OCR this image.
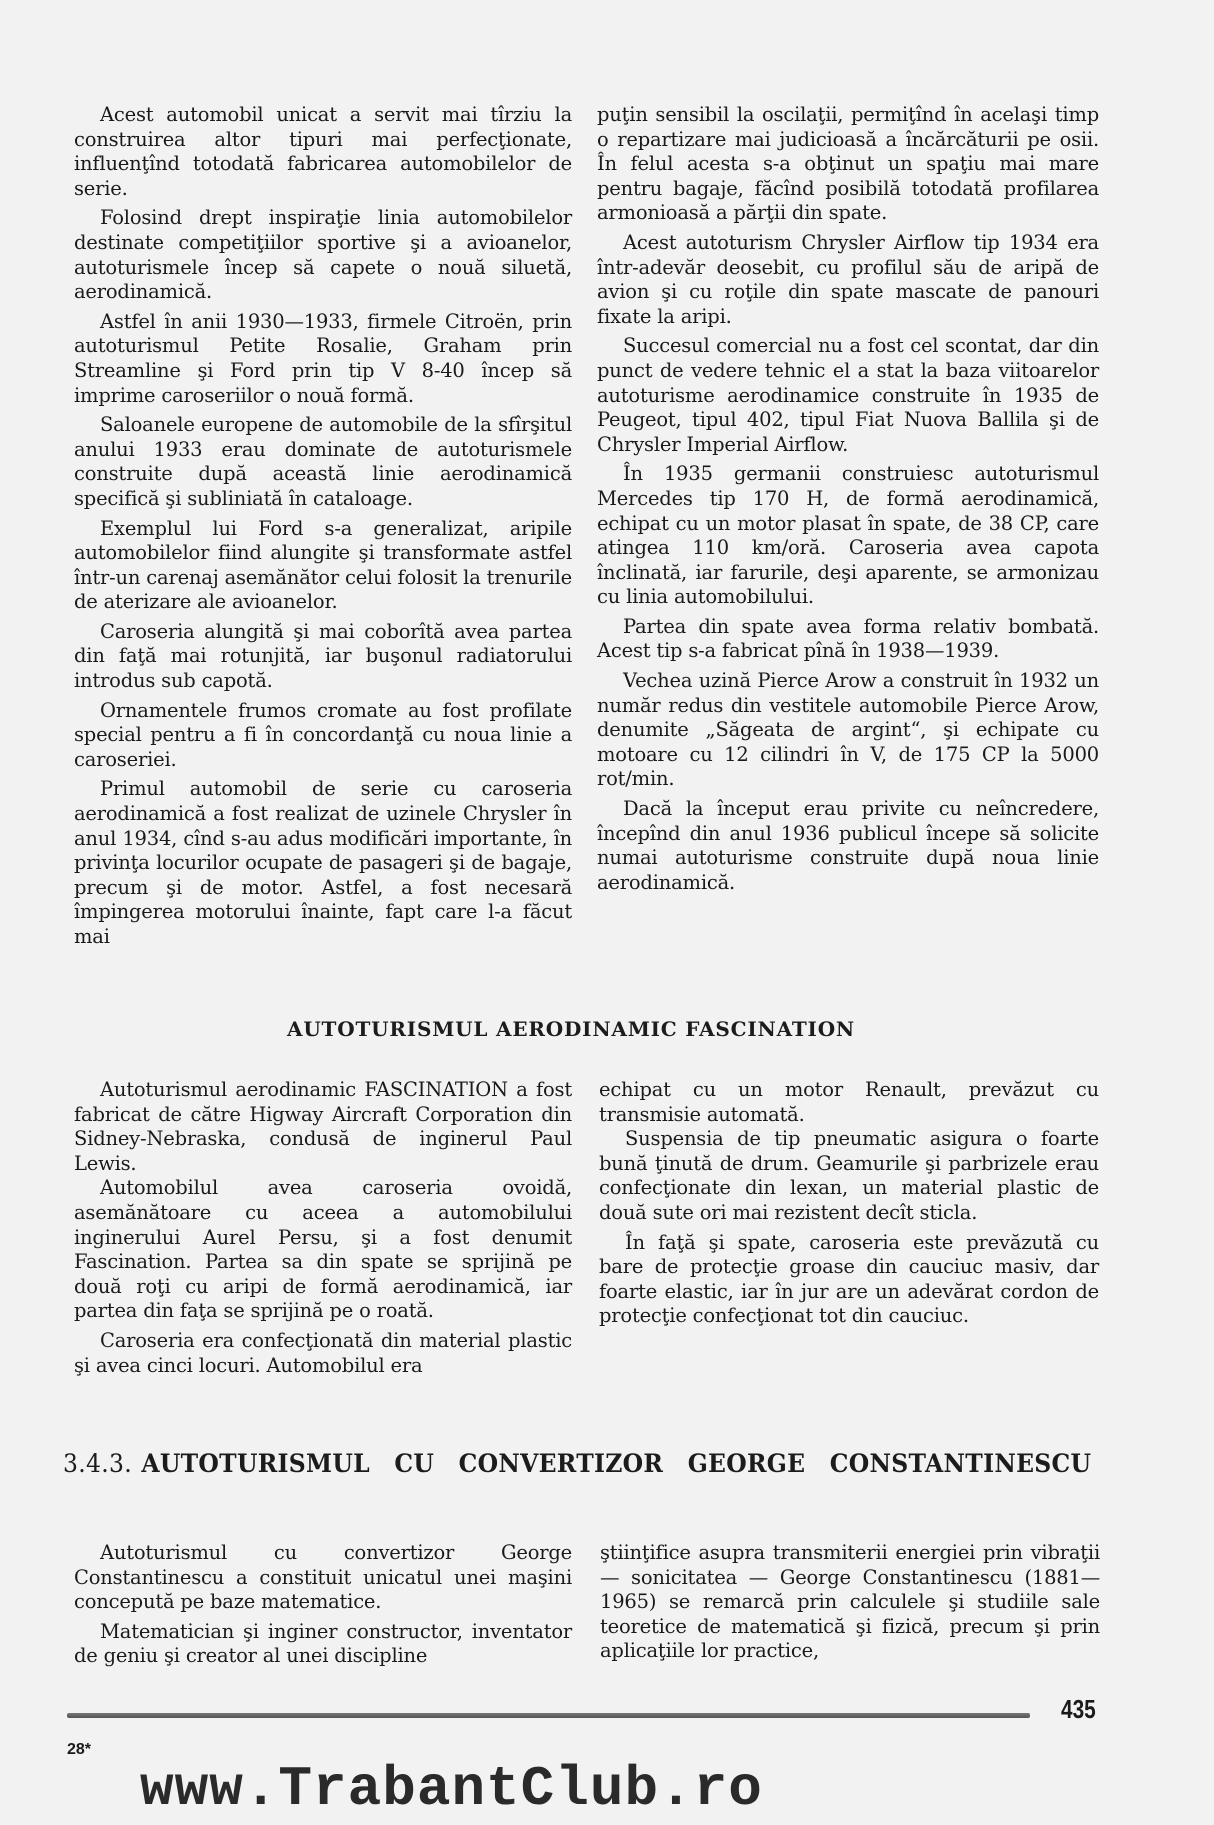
Acest automobil unicat a servit mai tîrziu la construirea altor tipuri mai perfecţionate, influenţînd totodată fabricarea automobilelor de serie.

Folosind drept inspiraţie linia automobilelor destinate competiţiilor sportive şi a avioanelor, autoturismele încep să capete o nouă siluetă, aerodinamică.

Astfel în anii 1930—1933, firmele Citroën, prin autoturismul Petite Rosalie, Graham prin Streamline şi Ford prin tip V 8-40 încep să imprime caroseriilor o nouă formă.

Saloanele europene de automobile de la sfîrşitul anului 1933 erau dominate de autoturismele construite după această linie aerodinamică specifică şi subliniată în cataloage.

Exemplul lui Ford s-a generalizat, aripile automobilelor fiind alungite şi transformate astfel într-un carenaj asemănător celui folosit la trenurile de aterizare ale avioanelor.

Caroseria alungită şi mai coborîtă avea partea din faţă mai rotunjită, iar buşonul radiatorului introdus sub capotă.

Ornamentele frumos cromate au fost profilate special pentru a fi în concordanţă cu noua linie a caroseriei.

Primul automobil de serie cu caroseria aerodinamică a fost realizat de uzinele Chrysler în anul 1934, cînd s-au adus modificări importante, în privinţa locurilor ocupate de pasageri şi de bagaje, precum şi de motor. Astfel, a fost necesară împingerea motorului înainte, fapt care l-a făcut mai

puţin sensibil la oscilaţii, permiţînd în acelaşi timp o repartizare mai judicioasă a încărcăturii pe osii. În felul acesta s-a obţinut un spaţiu mai mare pentru bagaje, făcînd posibilă totodată profilarea armonioasă a părţii din spate.

Acest autoturism Chrysler Airflow tip 1934 era într-adevăr deosebit, cu profilul său de aripă de avion şi cu roţile din spate mascate de panouri fixate la aripi.

Succesul comercial nu a fost cel scontat, dar din punct de vedere tehnic el a stat la baza viitoarelor autoturisme aerodinamice construite în 1935 de Peugeot, tipul 402, tipul Fiat Nuova Ballila şi de Chrysler Imperial Airflow.

În 1935 germanii construiesc autoturismul Mercedes tip 170 H, de formă aerodinamică, echipat cu un motor plasat în spate, de 38 CP, care atingea 110 km/oră. Caroseria avea capota înclinată, iar farurile, deşi aparente, se armonizau cu linia automobilului.

Partea din spate avea forma relativ bombată. Acest tip s-a fabricat pînă în 1938—1939.

Vechea uzină Pierce Arow a construit în 1932 un număr redus din vestitele automobile Pierce Arow, denumite „Săgeata de argint“, şi echipate cu motoare cu 12 cilindri în V, de 175 CP la 5000 rot/min.

Dacă la început erau privite cu neîncredere, începînd din anul 1936 publicul începe să solicite numai autoturisme construite după noua linie aerodinamică.

AUTOTURISMUL AERODINAMIC FASCINATION

Autoturismul aerodinamic FASCINATION a fost fabricat de către Higway Aircraft Corporation din Sidney-Nebraska, condusă de inginerul Paul Lewis.

Automobilul avea caroseria ovoidă, asemănătoare cu aceea a automobilului inginerului Aurel Persu, şi a fost denumit Fascination. Partea sa din spate se sprijină pe două roţi cu aripi de formă aerodinamică, iar partea din faţa se sprijină pe o roată.

Caroseria era confecţionată din material plastic şi avea cinci locuri. Automobilul era

echipat cu un motor Renault, prevăzut cu transmisie automată.

Suspensia de tip pneumatic asigura o foarte bună ţinută de drum. Geamurile şi parbrizele erau confecţionate din lexan, un material plastic de două sute ori mai rezistent decît sticla.

În faţă şi spate, caroseria este prevăzută cu bare de protecţie groase din cauciuc masiv, dar foarte elastic, iar în jur are un adevărat cordon de protecţie confecţionat tot din cauciuc.

3.4.3. AUTOTURISMUL CU CONVERTIZOR GEORGE CONSTANTINESCU

Autoturismul cu convertizor George Constantinescu a constituit unicatul unei maşini concepută pe baze matematice.

Matematician şi inginer constructor, inventator de geniu şi creator al unei discipline

ştiinţifice asupra transmiterii energiei prin vibraţii — sonicitatea — George Constantinescu (1881—1965) se remarcă prin calculele şi studiile sale teoretice de matematică şi fizică, precum şi prin aplicaţiile lor practice,

435
28*
www.TrabantClub.ro
